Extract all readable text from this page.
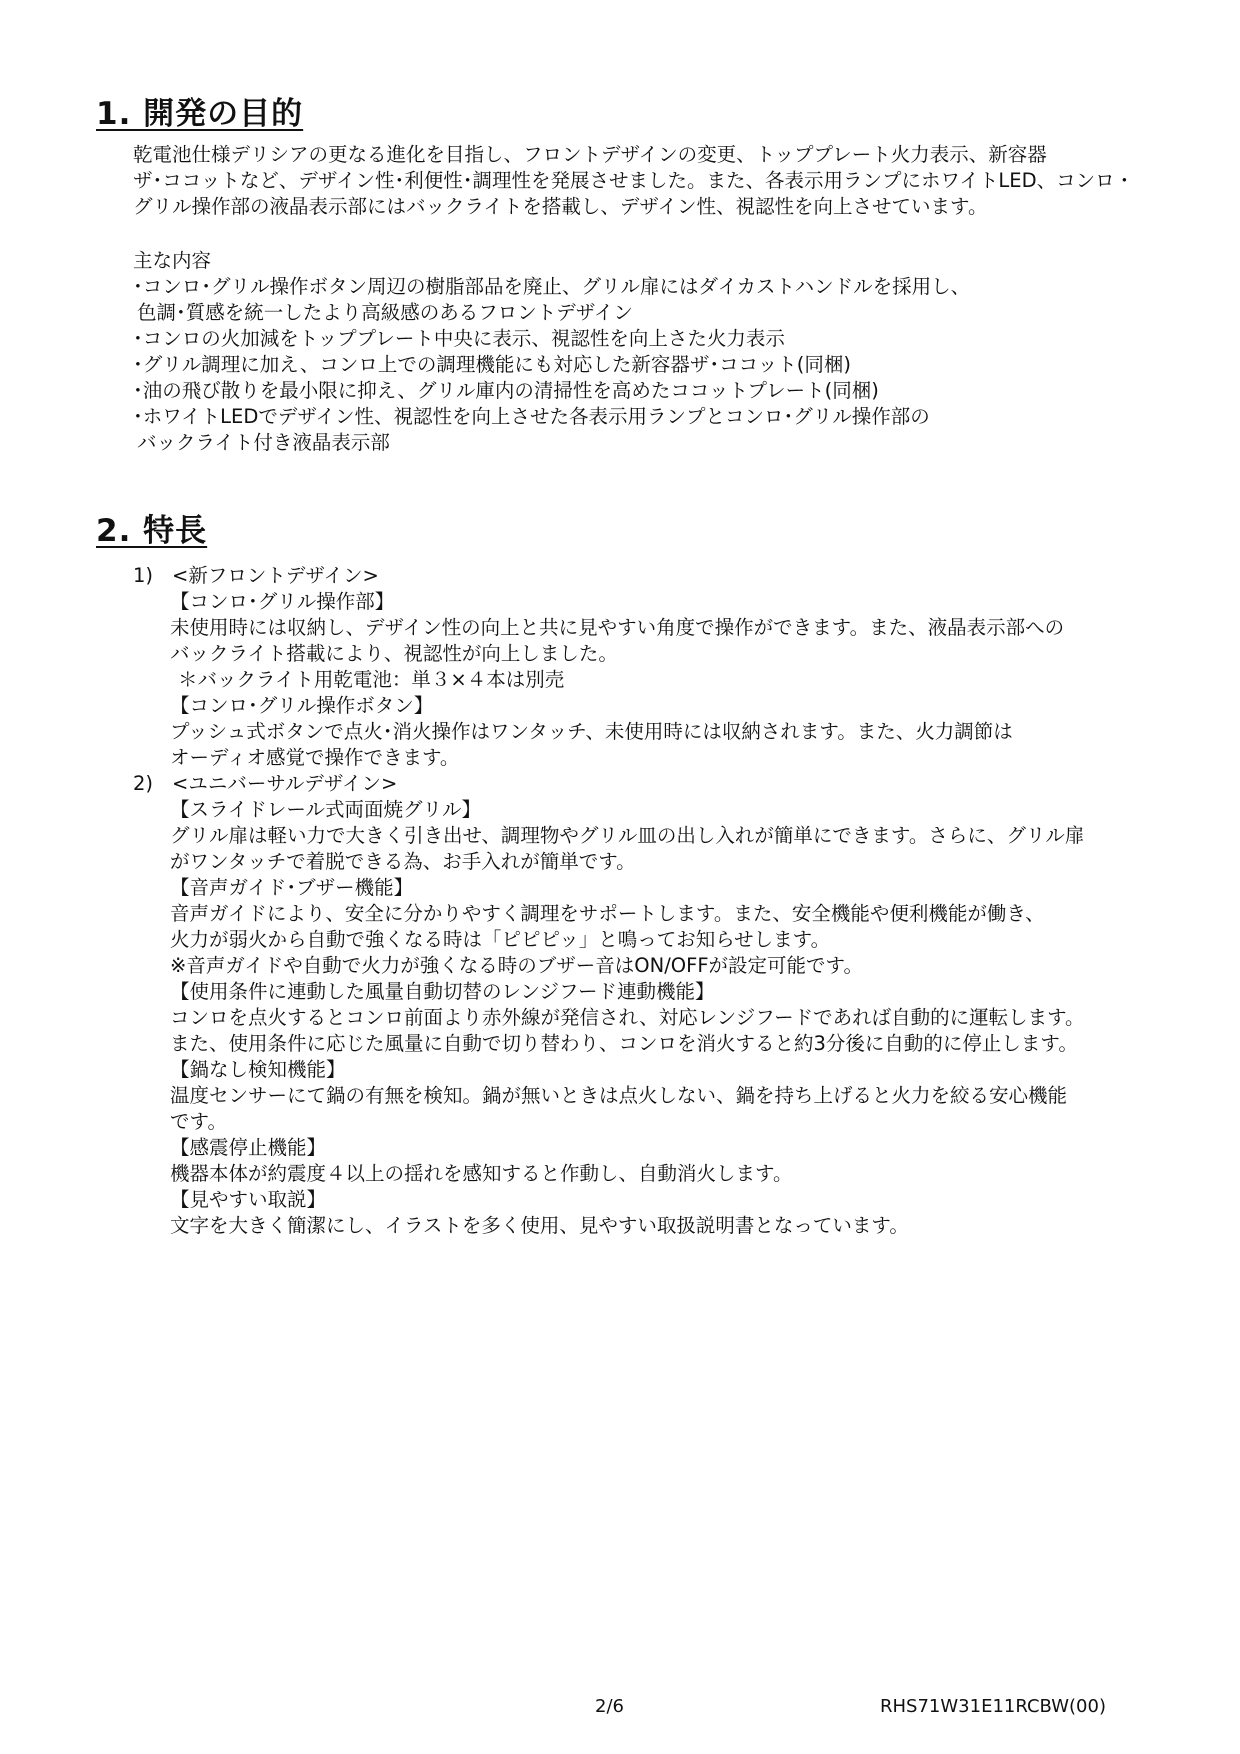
1. 開発の目的

乾電池仕様デリシアの更なる進化を目指し、フロントデザインの変更、トッププレート火力表示、新容器

ザ･ココットなど、デザイン性･利便性･調理性を発展させました。また、各表示用ランプにホワイトLED、コンロ・

グリル操作部の液晶表示部にはバックライトを搭載し、デザイン性、視認性を向上させています。

主な内容

･コンロ･グリル操作ボタン周辺の樹脂部品を廃止、グリル扉にはダイカストハンドルを採用し、

色調･質感を統一したより高級感のあるフロントデザイン

･コンロの火加減をトッププレート中央に表示、視認性を向上さた火力表示

･グリル調理に加え、コンロ上での調理機能にも対応した新容器ザ･ココット(同梱)

･油の飛び散りを最小限に抑え、グリル庫内の清掃性を高めたココットプレート(同梱)

･ホワイトLEDでデザイン性、視認性を向上させた各表示用ランプとコンロ･グリル操作部の

バックライト付き液晶表示部

2. 特長

1) <新フロントデザイン>

【コンロ･グリル操作部】

未使用時には収納し、デザイン性の向上と共に見やすい角度で操作ができます。また、液晶表示部への

バックライト搭載により、視認性が向上しました。

＊バックライト用乾電池：単３×４本は別売

【コンロ･グリル操作ボタン】

プッシュ式ボタンで点火･消火操作はワンタッチ、未使用時には収納されます。また、火力調節は

オーディオ感覚で操作できます。

2) <ユニバーサルデザイン>

【スライドレール式両面焼グリル】

グリル扉は軽い力で大きく引き出せ、調理物やグリル皿の出し入れが簡単にできます。さらに、グリル扉

がワンタッチで着脱できる為、お手入れが簡単です。

【音声ガイド･ブザー機能】

音声ガイドにより、安全に分かりやすく調理をサポートします。また、安全機能や便利機能が働き、

火力が弱火から自動で強くなる時は「ピピピッ」と鳴ってお知らせします。

※音声ガイドや自動で火力が強くなる時のブザー音はON/OFFが設定可能です。

【使用条件に連動した風量自動切替のレンジフード連動機能】

コンロを点火するとコンロ前面より赤外線が発信され、対応レンジフードであれば自動的に運転します。

また、使用条件に応じた風量に自動で切り替わり、コンロを消火すると約3分後に自動的に停止します。

【鍋なし検知機能】

温度センサーにて鍋の有無を検知。鍋が無いときは点火しない、鍋を持ち上げると火力を絞る安心機能

です。

【感震停止機能】

機器本体が約震度４以上の揺れを感知すると作動し、自動消火します。

【見やすい取説】

文字を大きく簡潔にし、イラストを多く使用、見やすい取扱説明書となっています。

2/6	RHS71W31E11RCBW(00)
